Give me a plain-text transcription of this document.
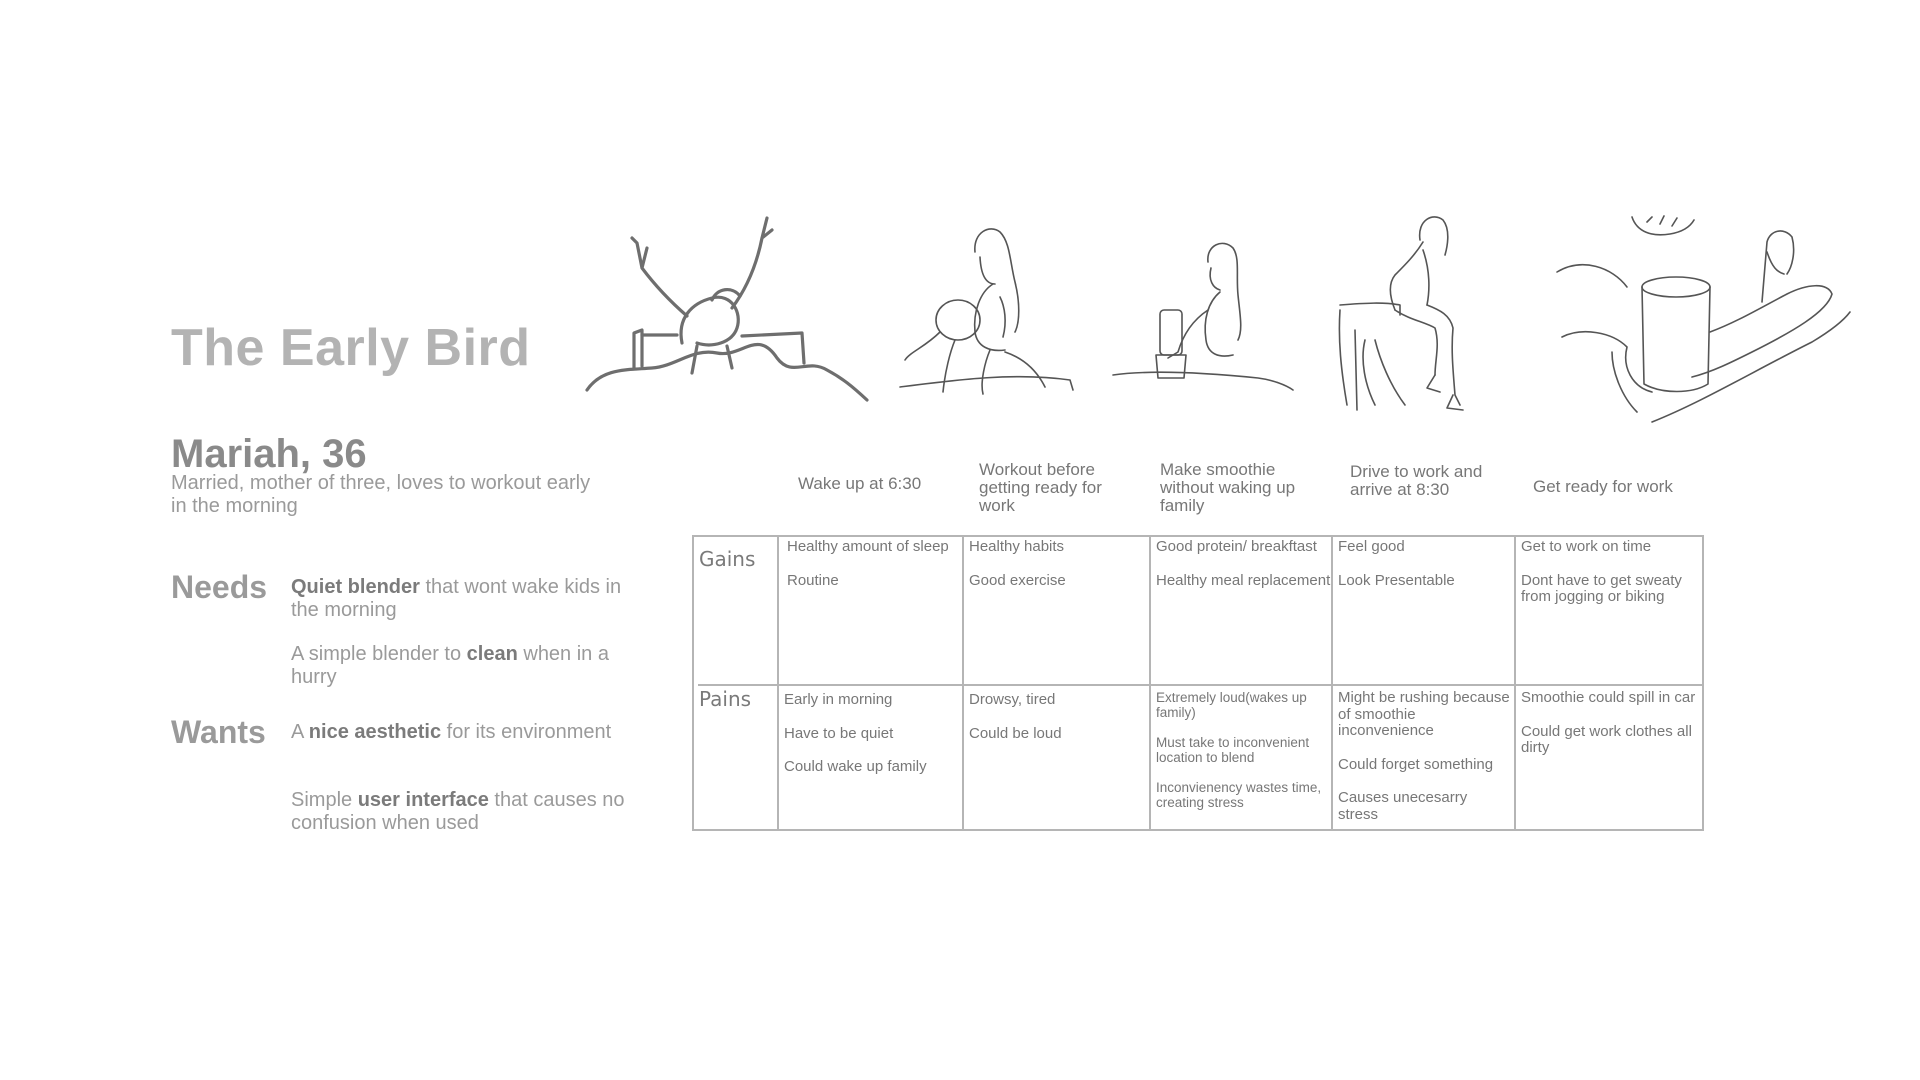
The Early Bird
Mariah, 36
Married, mother of three, loves to workout early in the morning
Needs Quiet blender that wont wake kids in the morning
A simple blender to clean when in a hurry
Wants A nice aesthetic for its environment
Simple user interface that causes no confusion when used
Wake up at 6:30
Workout before getting ready for work
Make smoothie without waking up family
Drive to work and arrive at 8:30	Get ready for work
Gains
Pains
Healthy amount of sleep
Routine
Healthy habits
Good exercise
Good protein/ breakftast
Healthy meal replacement
Feel good
Look Presentable
Get to work on time
Dont have to get sweaty from jogging or biking
Early in morning
Have to be quiet
Could wake up family
Drowsy, tired
Could be loud
Extremely loud(wakes up family)
Must take to inconvenient location to blend
Inconvienency wastes time, creating stress
Might be rushing because of smoothie inconvenience
Could forget something
Causes unecesarry stress
Smoothie could spill in car
Could get work clothes all dirty
